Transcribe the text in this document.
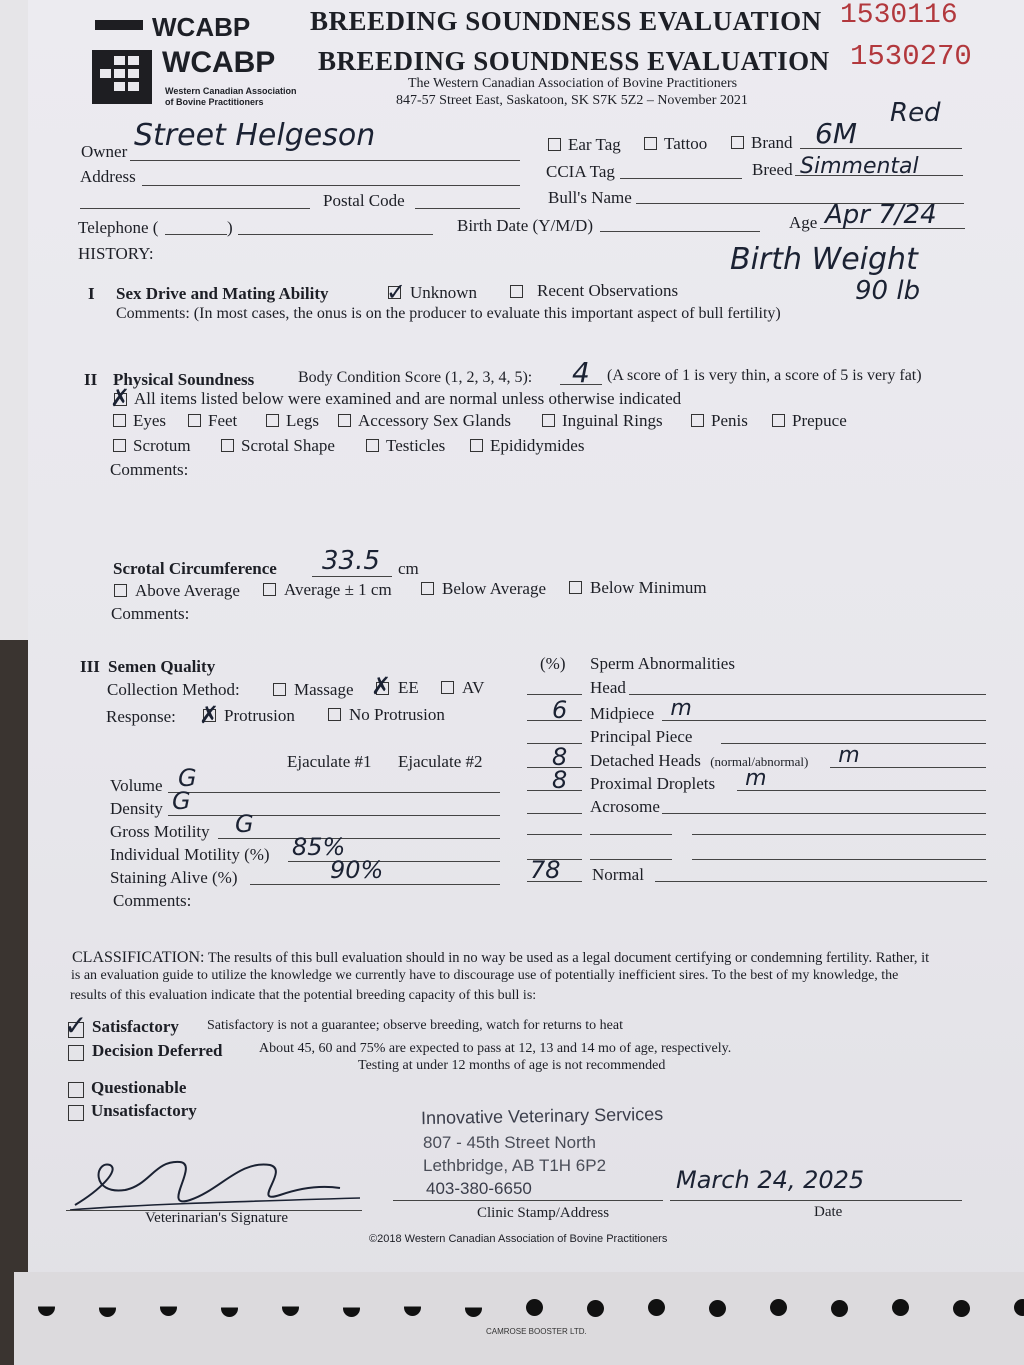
WCABP BREEDING SOUNDNESS EVALUATION 1530116
WCABP
Western Canadian Association
of Bovine Practitioners
BREEDING SOUNDNESS EVALUATION 1530270
The Western Canadian Association of Bovine Practitioners
847-57 Street East, Saskatoon, SK S7K 5Z2 – November 2021
Owner Street Helgeson
Address
Postal Code
Telephone (	)
HISTORY:
Ear Tag	Tattoo	Brand 6M
Red
CCIA Tag	Breed Simmental
Bull's Name
Birth Date (Y/M/D)	Age Apr 7/24
Birth Weight
90 lb
I Sex Drive and Mating Ability ✓ Unknown	Recent Observations
Comments: (In most cases, the onus is on the producer to evaluate this important aspect of bull fertility)
II Physical Soundness	Body Condition Score (1, 2, 3, 4, 5): 4 (A score of 1 is very thin, a score of 5 is very fat)
✗ All items listed below were examined and are normal unless otherwise indicated
Eyes Feet	Legs Accessory Sex Glands	Inguinal Rings	Penis	Prepuce
Scrotum	Scrotal Shape	Testicles	Epididymides
Comments:
Scrotal Circumference 33.5 cm
Above Average	Average ± 1 cm	Below Average	Below Minimum
Comments:
III Semen Quality
Collection Method:	Massage ✗ EE	AV
Response: ✗ Protrusion	No Protrusion
Ejaculate #1 Ejaculate #2
Volume G
Density G
Gross Motility G
Individual Motility (%) 85%
Staining Alive (%)	90%
Comments:
(%) Sperm Abnormalities
Head
6 Midpiece m
Principal Piece
8 Detached Heads (normal/abnormal) m
8 Proximal Droplets m
Acrosome
78 Normal
CLASSIFICATION: The results of this bull evaluation should in no way be used as a legal document certifying or condemning fertility. Rather, it
is an evaluation guide to utilize the knowledge we currently have to discourage use of potentially inefficient sires. To the best of my knowledge, the
results of this evaluation indicate that the potential breeding capacity of this bull is:
✓ Satisfactory Satisfactory is not a guarantee; observe breeding, watch for returns to heat
Decision Deferred	About 45, 60 and 75% are expected to pass at 12, 13 and 14 mo of age, respectively.
Testing at under 12 months of age is not recommended
Questionable
Unsatisfactory	Innovative Veterinary Services
807 - 45th Street North
Lethbridge, AB T1H 6P2
403-380-6650
Veterinarian's Signature	Clinic Stamp/Address
March 24, 2025
Date
©2018 Western Canadian Association of Bovine Practitioners
CAMROSE BOOSTER LTD.
